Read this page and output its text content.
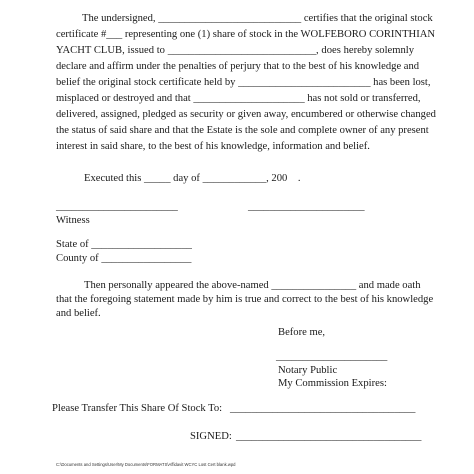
The undersigned, ___________________________ certifies that the original stock
certificate #___ representing one (1) share of stock in the WOLFEBORO CORINTHIAN
YACHT CLUB, issued to ____________________________, does hereby solemnly
declare and affirm under the penalties of perjury that to the best of his knowledge and
belief the original stock certificate held by _________________________ has been lost,
misplaced or destroyed and that _____________________ has not sold or transferred,
delivered, assigned, pledged as security or given away, encumbered or otherwise changed
the status of said share and that the Estate is the sole and complete owner of any present
interest in said share, to the best of his knowledge, information and belief.
Executed this _____ day of ____________, 200    .
_______________________	______________________
Witness
State of ___________________
County of _________________
Then personally appeared the above-named ________________ and made oath
that the foregoing statement made by him is true and correct to the best of his knowledge
and belief.
Before me,
_____________________
Notary Public
My Commission Expires:
Please Transfer This Share Of Stock To: ___________________________________
SIGNED: ___________________________________
C:\Documents and Settings\User\My Documents\FORMATS\Affidavit WCYC Lost Cert blank.wpd
